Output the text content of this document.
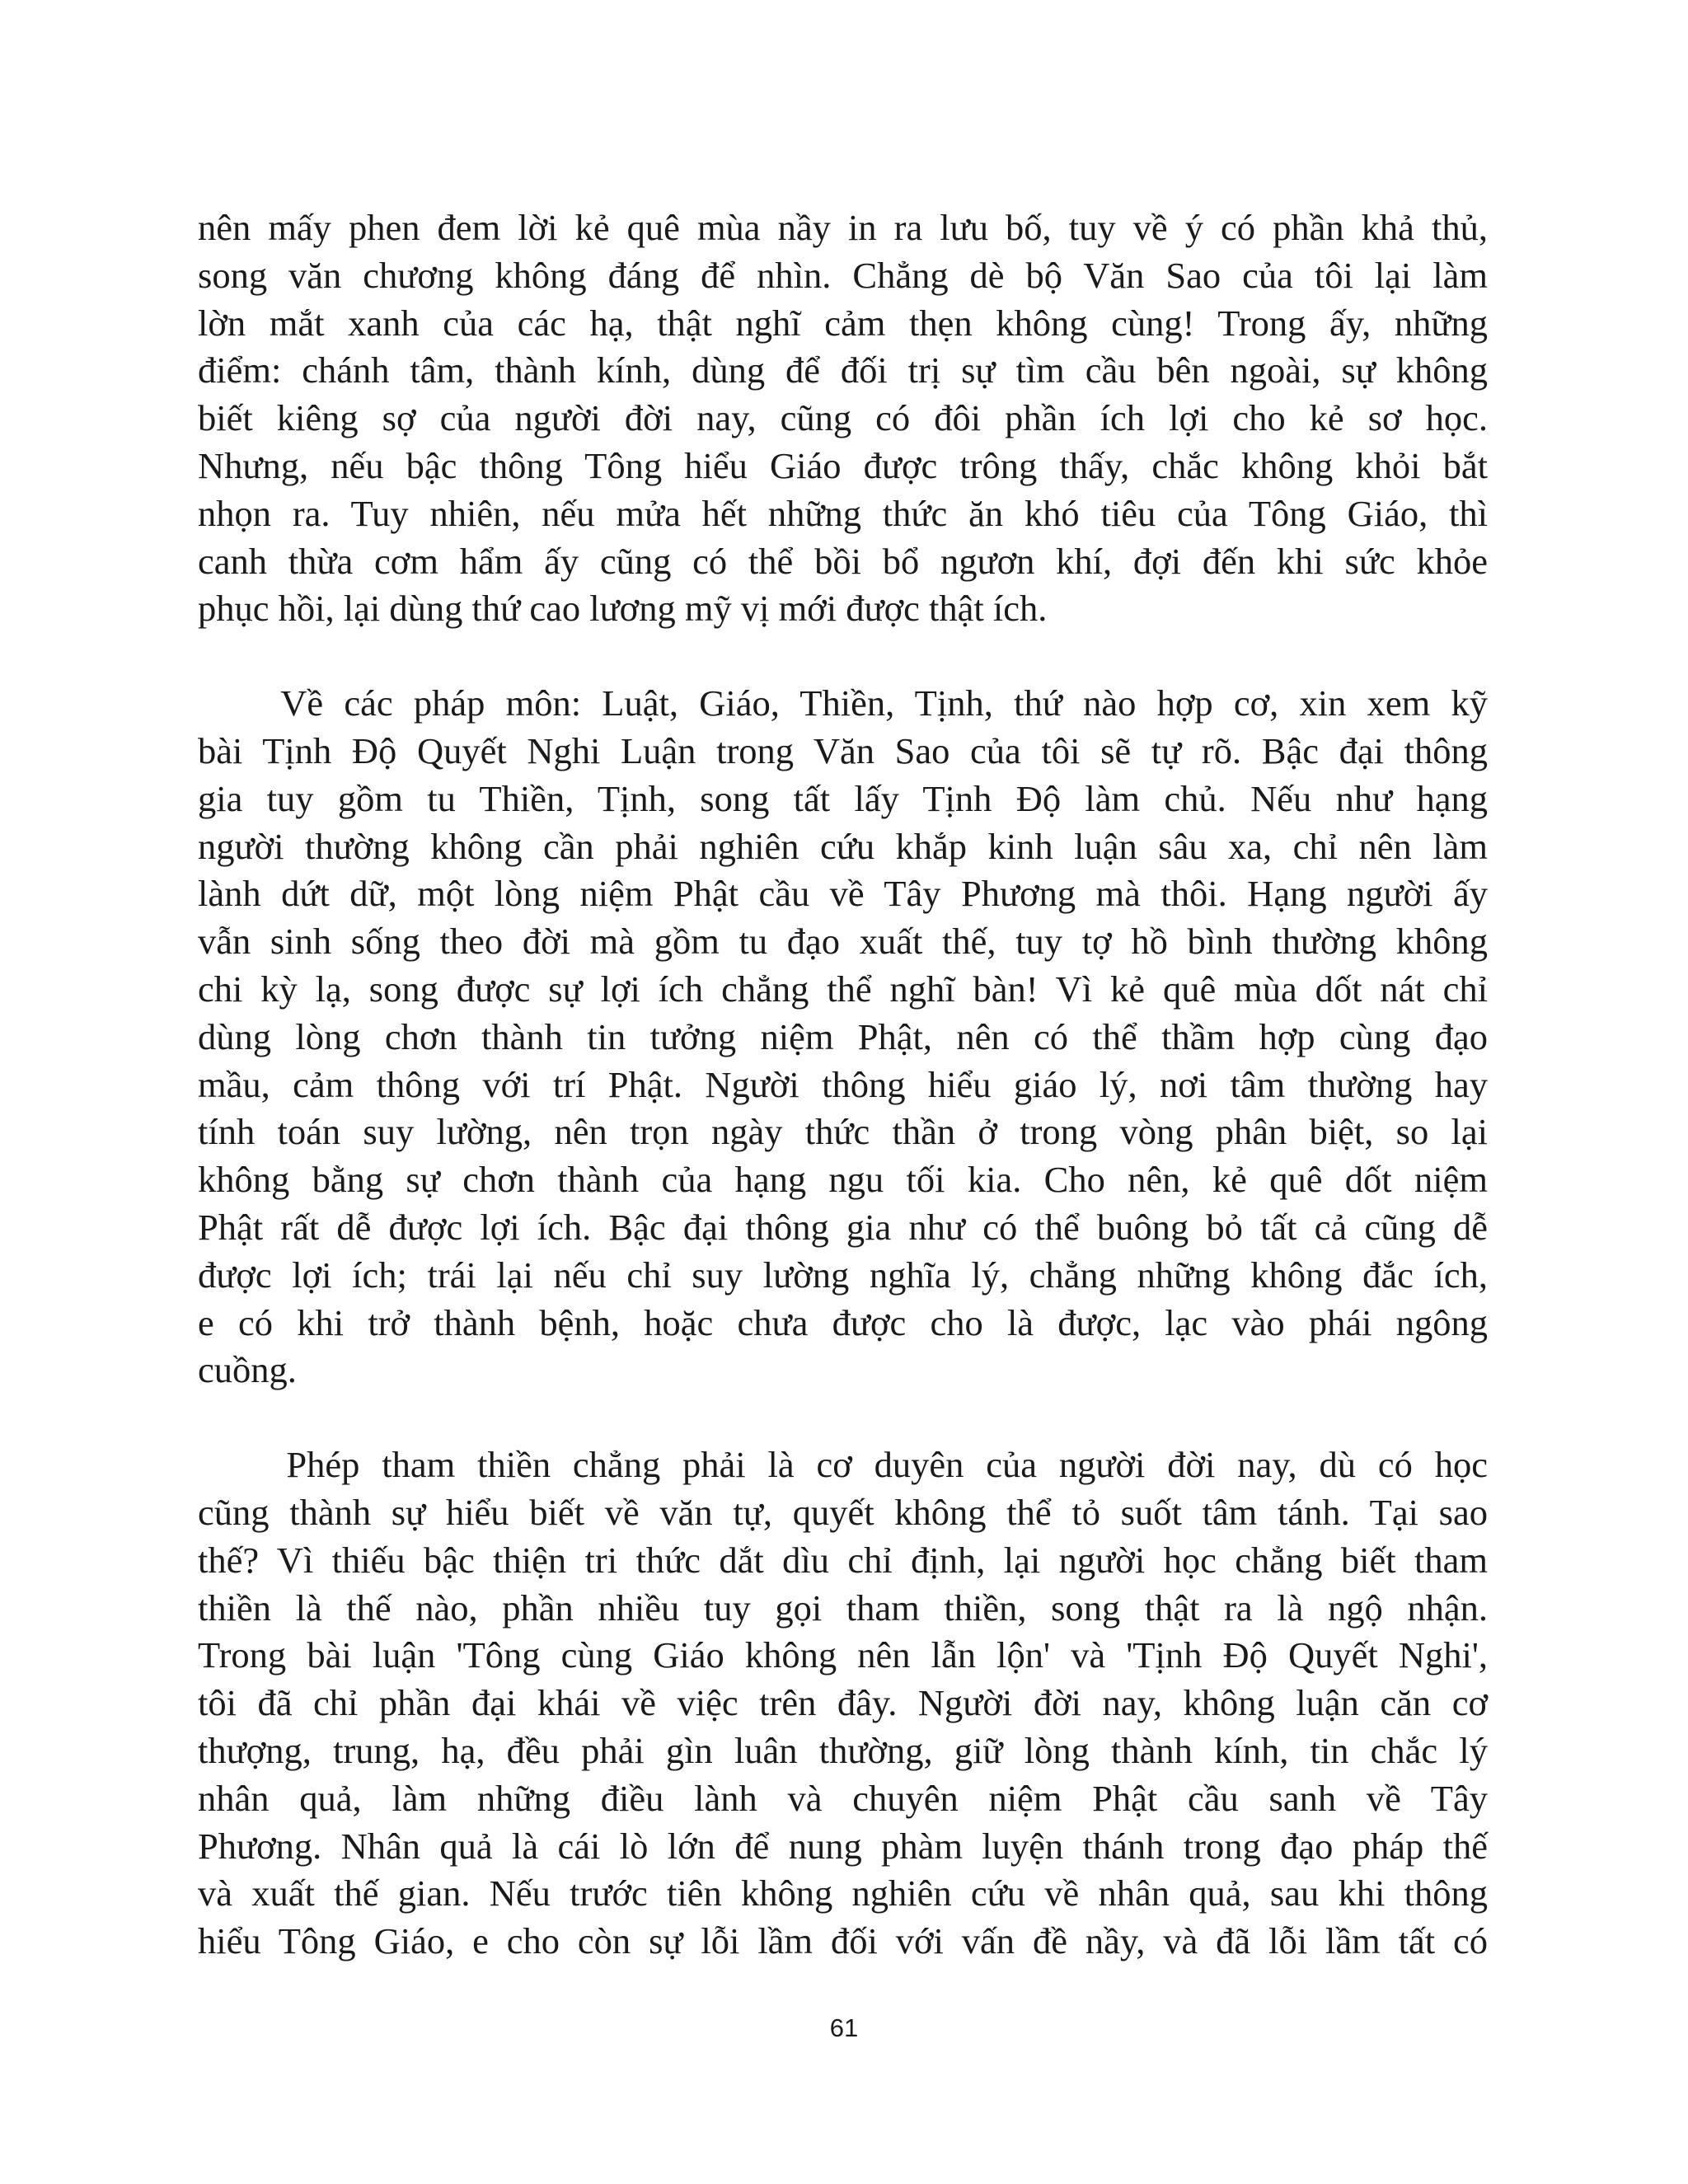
nên mấy phen đem lời kẻ quê mùa nầy in ra lưu bố, tuy về ý có phần khả thủ,
song văn chương không đáng để nhìn. Chẳng dè bộ Văn Sao của tôi lại làm
lờn mắt xanh của các hạ, thật nghĩ cảm thẹn không cùng! Trong ấy, những
điểm: chánh tâm, thành kính, dùng để đối trị sự tìm cầu bên ngoài, sự không
biết kiêng sợ của người đời nay, cũng có đôi phần ích lợi cho kẻ sơ học.
Nhưng, nếu bậc thông Tông hiểu Giáo được trông thấy, chắc không khỏi bắt
nhọn ra. Tuy nhiên, nếu mửa hết những thức ăn khó tiêu của Tông Giáo, thì
canh thừa cơm hẩm ấy cũng có thể bồi bổ ngươn khí, đợi đến khi sức khỏe
phục hồi, lại dùng thứ cao lương mỹ vị mới được thật ích.

Về các pháp môn: Luật, Giáo, Thiền, Tịnh, thứ nào hợp cơ, xin xem kỹ
bài Tịnh Độ Quyết Nghi Luận trong Văn Sao của tôi sẽ tự rõ. Bậc đại thông
gia tuy gồm tu Thiền, Tịnh, song tất lấy Tịnh Độ làm chủ. Nếu như hạng
người thường không cần phải nghiên cứu khắp kinh luận sâu xa, chỉ nên làm
lành dứt dữ, một lòng niệm Phật cầu về Tây Phương mà thôi. Hạng người ấy
vẫn sinh sống theo đời mà gồm tu đạo xuất thế, tuy tợ hồ bình thường không
chi kỳ lạ, song được sự lợi ích chẳng thể nghĩ bàn! Vì kẻ quê mùa dốt nát chỉ
dùng lòng chơn thành tin tưởng niệm Phật, nên có thể thầm hợp cùng đạo
mầu, cảm thông với trí Phật. Người thông hiểu giáo lý, nơi tâm thường hay
tính toán suy lường, nên trọn ngày thức thần ở trong vòng phân biệt, so lại
không bằng sự chơn thành của hạng ngu tối kia. Cho nên, kẻ quê dốt niệm
Phật rất dễ được lợi ích. Bậc đại thông gia như có thể buông bỏ tất cả cũng dễ
được lợi ích; trái lại nếu chỉ suy lường nghĩa lý, chẳng những không đắc ích,
e có khi trở thành bệnh, hoặc chưa được cho là được, lạc vào phái ngông
cuồng.

Phép tham thiền chẳng phải là cơ duyên của người đời nay, dù có học
cũng thành sự hiểu biết về văn tự, quyết không thể tỏ suốt tâm tánh. Tại sao
thế? Vì thiếu bậc thiện tri thức dắt dìu chỉ định, lại người học chẳng biết tham
thiền là thế nào, phần nhiều tuy gọi tham thiền, song thật ra là ngộ nhận.
Trong bài luận 'Tông cùng Giáo không nên lẫn lộn' và 'Tịnh Độ Quyết Nghi',
tôi đã chỉ phần đại khái về việc trên đây. Người đời nay, không luận căn cơ
thượng, trung, hạ, đều phải gìn luân thường, giữ lòng thành kính, tin chắc lý
nhân quả, làm những điều lành và chuyên niệm Phật cầu sanh về Tây
Phương. Nhân quả là cái lò lớn để nung phàm luyện thánh trong đạo pháp thế
và xuất thế gian. Nếu trước tiên không nghiên cứu về nhân quả, sau khi thông
hiểu Tông Giáo, e cho còn sự lỗi lầm đối với vấn đề nầy, và đã lỗi lầm tất có

61
